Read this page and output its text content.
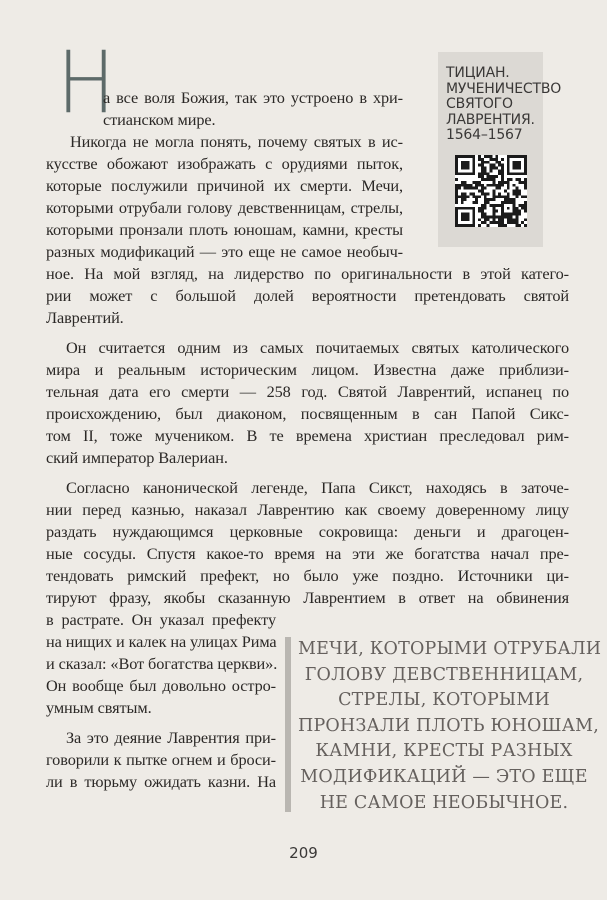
Н
а все воля Божия, так это устроено в хри-
стианском мире.
Никогда не могла понять, почему святых в ис-
кусстве обожают изображать с орудиями пыток,
которые послужили причиной их смерти. Мечи,
которыми отрубали голову девственницам, стрелы,
которыми пронзали плоть юношам, камни, кресты
разных модификаций — это еще не самое необыч-
ное. На мой взгляд, на лидерство по оригинальности в этой катего-
рии может с большой долей вероятности претендовать святой
Лаврентий.
Он считается одним из самых почитаемых святых католического
мира и реальным историческим лицом. Известна даже приблизи-
тельная дата его смерти — 258 год. Святой Лаврентий, испанец по
происхождению, был диаконом, посвященным в сан Папой Сикс-
том II, тоже мучеником. В те времена христиан преследовал рим-
ский император Валериан.
Согласно канонической легенде, Папа Сикст, находясь в заточе-
нии перед казнью, наказал Лаврентию как своему доверенному лицу
раздать нуждающимся церковные сокровища: деньги и драгоцен-
ные сосуды. Спустя какое-то время на эти же богатства начал пре-
тендовать римский префект, но было уже поздно. Источники ци-
тируют фразу, якобы сказанную Лаврентием в ответ на обвинения
в растрате. Он указал префекту
на нищих и калек на улицах Рима
и сказал: «Вот богатства церкви».
Он вообще был довольно остро-
умным святым.
За это деяние Лаврентия при-
говорили к пытке огнем и броси-
ли в тюрьму ожидать казни. На
ТИЦИАН.
МУЧЕНИЧЕСТВО
СВЯТОГО
ЛАВРЕНТИЯ.
1564–1567
МЕЧИ, КОТОРЫМИ ОТРУБАЛИ
ГОЛОВУ ДЕВСТВЕННИЦАМ,
СТРЕЛЫ, КОТОРЫМИ
ПРОНЗАЛИ ПЛОТЬ ЮНОШАМ,
КАМНИ, КРЕСТЫ РАЗНЫХ
МОДИФИКАЦИЙ — ЭТО ЕЩЕ
НЕ САМОЕ НЕОБЫЧНОЕ.
209
